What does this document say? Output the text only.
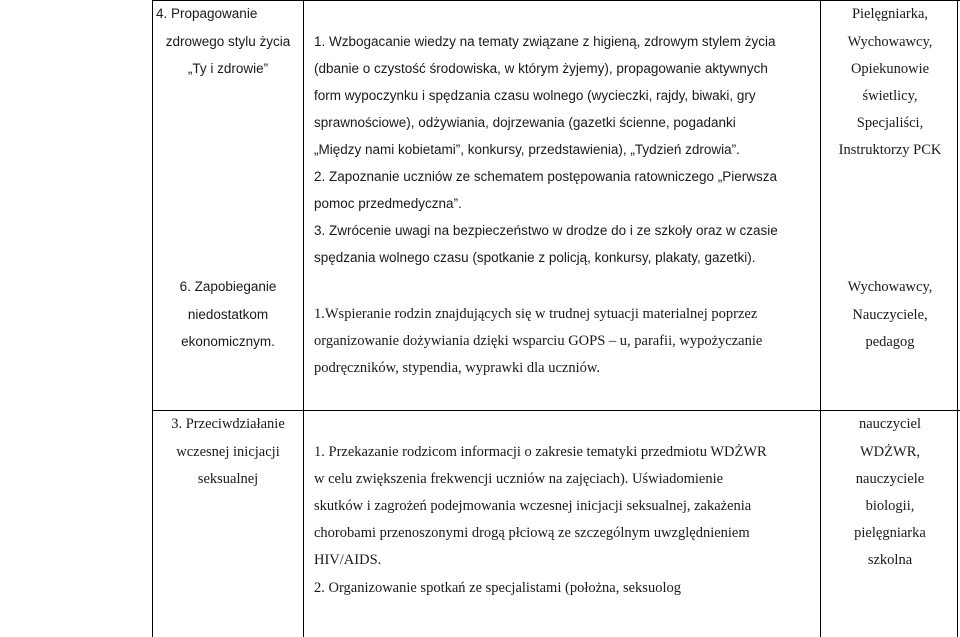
4. Propagowanie
zdrowego stylu życia
„Ty i zdrowie”
1. Wzbogacanie wiedzy na tematy związane z higieną, zdrowym stylem życia
(dbanie o czystość środowiska, w którym żyjemy), propagowanie aktywnych
form wypoczynku i spędzania czasu wolnego (wycieczki, rajdy, biwaki, gry
sprawnościowe), odżywiania, dojrzewania (gazetki ścienne, pogadanki
„Między nami kobietami”, konkursy, przedstawienia), „Tydzień zdrowia”.
2. Zapoznanie uczniów ze schematem postępowania ratowniczego „Pierwsza
pomoc przedmedyczna”.
3. Zwrócenie uwagi na bezpieczeństwo w drodze do i ze szkoły oraz w czasie
spędzania wolnego czasu (spotkanie z policją, konkursy, plakaty, gazetki).
Pielęgniarka,
Wychowawcy,
Opiekunowie
świetlicy,
Specjaliści,
Instruktorzy PCK
6. Zapobieganie
niedostatkom
ekonomicznym.
1.Wspieranie rodzin znajdujących się w trudnej sytuacji materialnej poprzez
organizowanie dożywiania dzięki wsparciu GOPS – u, parafii, wypożyczanie
podręczników, stypendia, wyprawki dla uczniów.
Wychowawcy,
Nauczyciele,
pedagog
3. Przeciwdziałanie
wczesnej inicjacji
seksualnej
1. Przekazanie rodzicom informacji o zakresie tematyki przedmiotu WDŻWR
w celu zwiększenia frekwencji uczniów na zajęciach). Uświadomienie
skutków i zagrożeń podejmowania wczesnej inicjacji seksualnej, zakażenia
chorobami przenoszonymi drogą płciową ze szczególnym uwzględnieniem
HIV/AIDS.
2. Organizowanie spotkań ze specjalistami (położna, seksuolog
nauczyciel
WDŻWR,
nauczyciele
biologii,
pielęgniarka
szkolna
